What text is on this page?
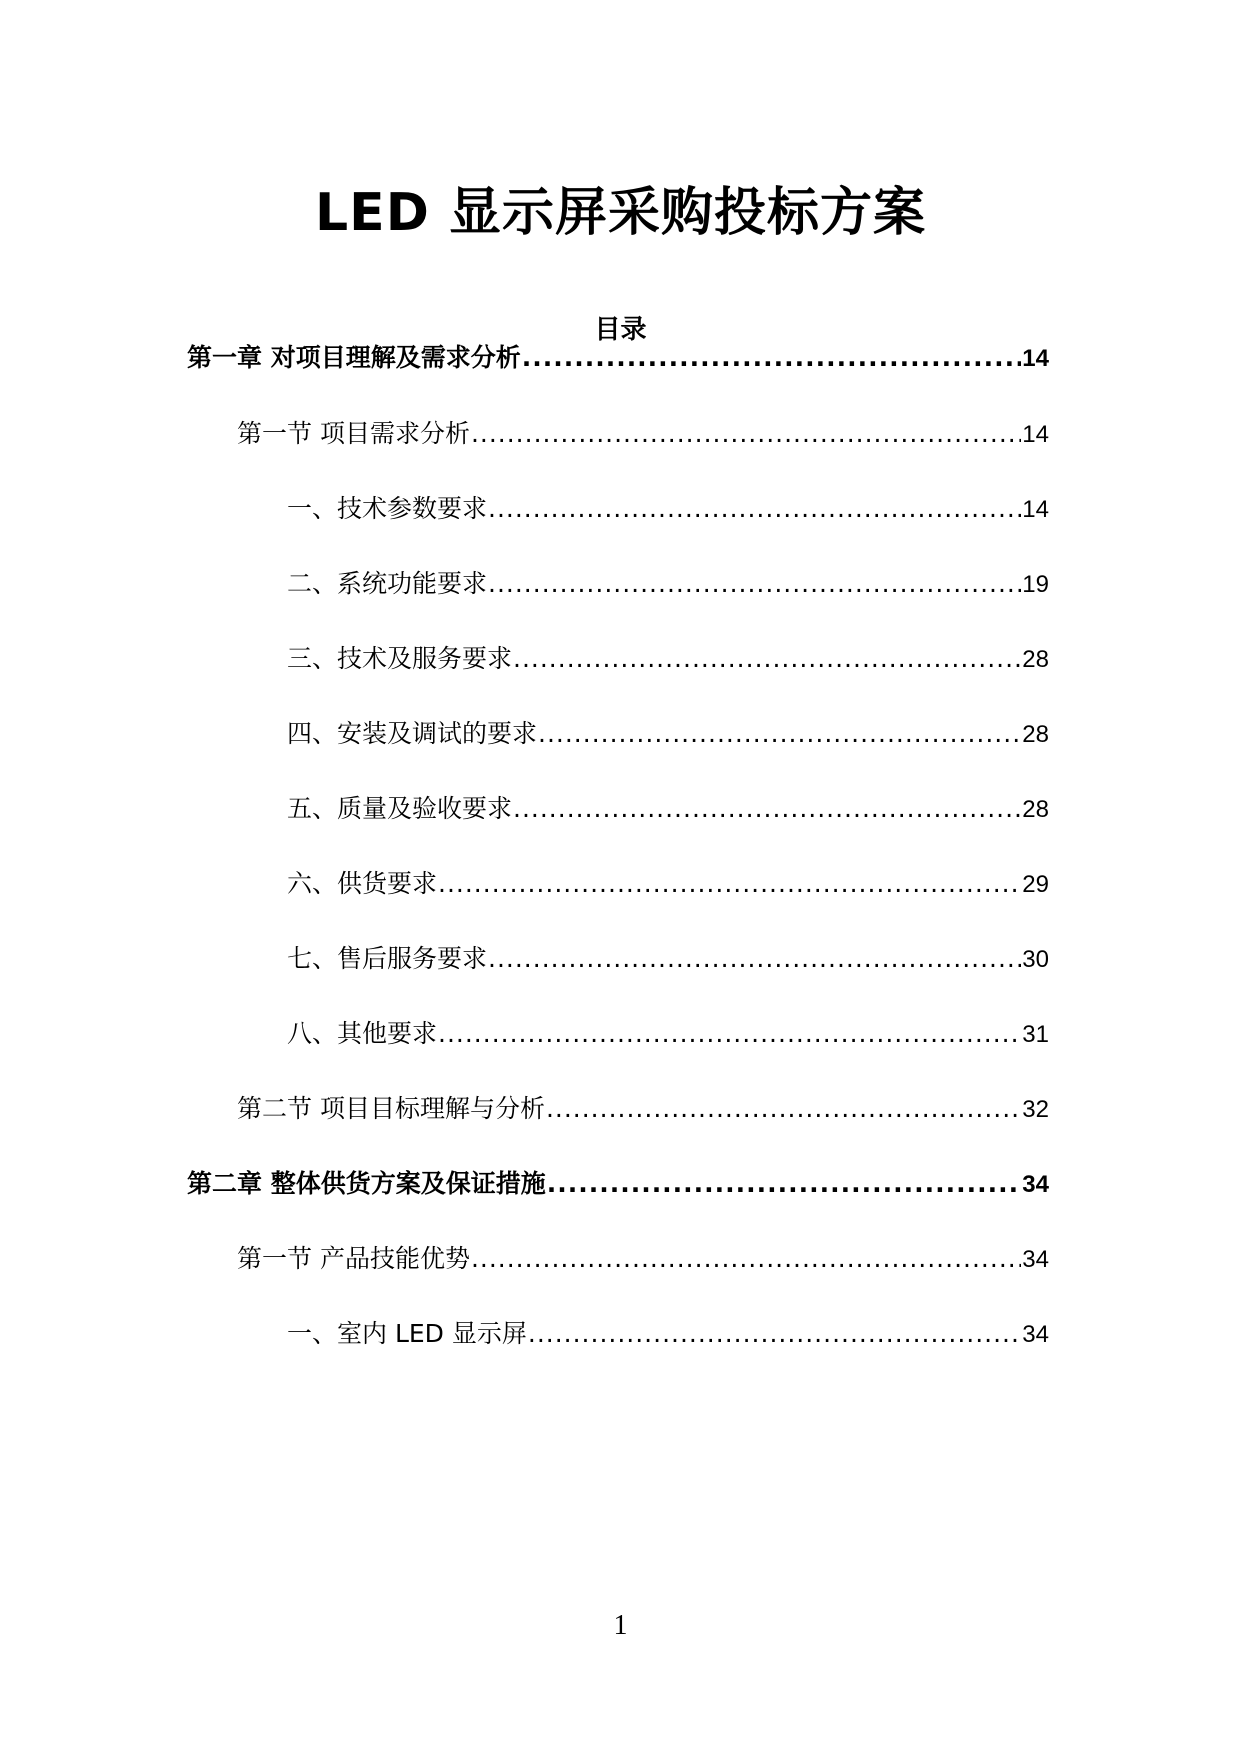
LED 显示屏采购投标方案
目录
第一章 对项目理解及需求分析 .....	14
第一节 项目需求分析 .....	14
一、技术参数要求 .....	14
二、系统功能要求 .....	19
三、技术及服务要求 .....	28
四、安装及调试的要求 .....	28
五、质量及验收要求 .....	28
六、供货要求 .....	29
七、售后服务要求 .....	30
八、其他要求 .....	31
第二节 项目目标理解与分析 .....	32
第二章 整体供货方案及保证措施 .....	34
第一节 产品技能优势 .....	34
一、室内 LED 显示屏 .....	34
1
